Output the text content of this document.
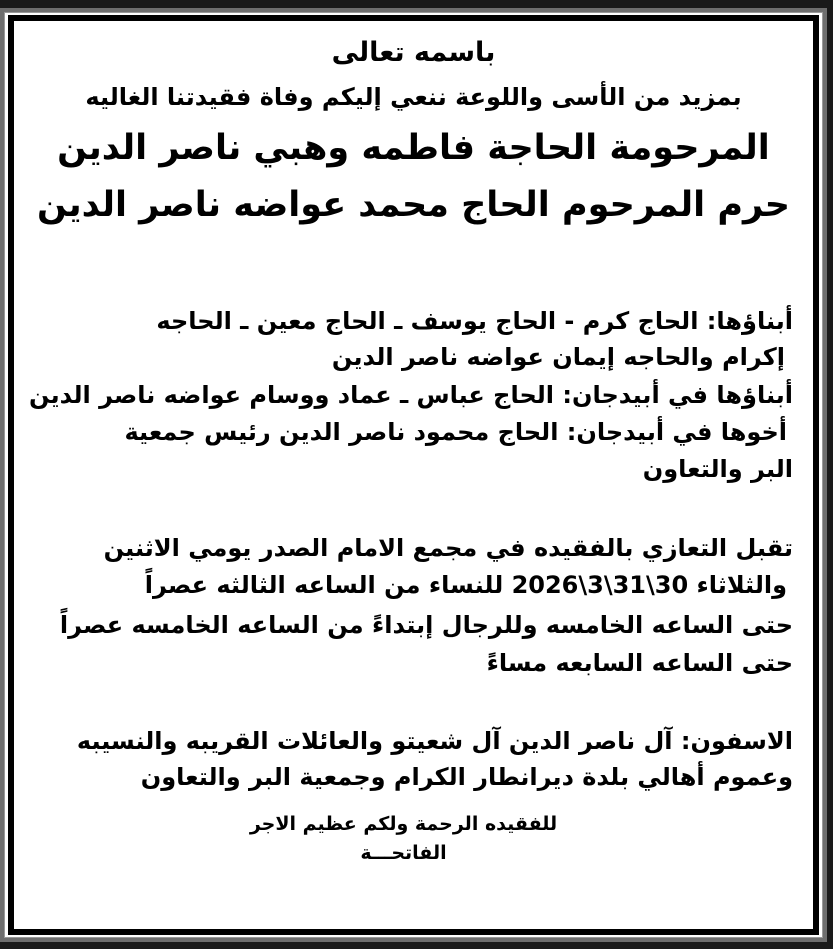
باسمه تعالى
بمزيد من الأسى واللوعة ننعي إليكم وفاة فقيدتنا الغاليه
المرحومة الحاجة فاطمه وهبي ناصر الدين
حرم المرحوم الحاج محمد عواضه ناصر الدين
أبناؤها: الحاج كرم - الحاج يوسف ـ الحاج معين ـ الحاجه
إكرام والحاجه إيمان عواضه ناصر الدين
أبناؤها في أبيدجان: الحاج عباس ـ عماد ووسام عواضه ناصر الدين
أخوها في أبيدجان: الحاج محمود ناصر الدين رئيس جمعية
البر والتعاون
تقبل التعازي بالفقيده في مجمع الامام الصدر يومي الاثنين
والثلاثاء 30\31\3\2026 للنساء من الساعه الثالثه عصراً
حتى الساعه الخامسه وللرجال إبتداءً من الساعه الخامسه عصراً
حتى الساعه السابعه مساءً
الاسفون: آل ناصر الدين آل شعيتو والعائلات القريبه والنسيبه
وعموم أهالي بلدة ديرانطار الكرام وجمعية البر والتعاون
للفقيده الرحمة ولكم عظيم الاجر
الفاتحـــة
